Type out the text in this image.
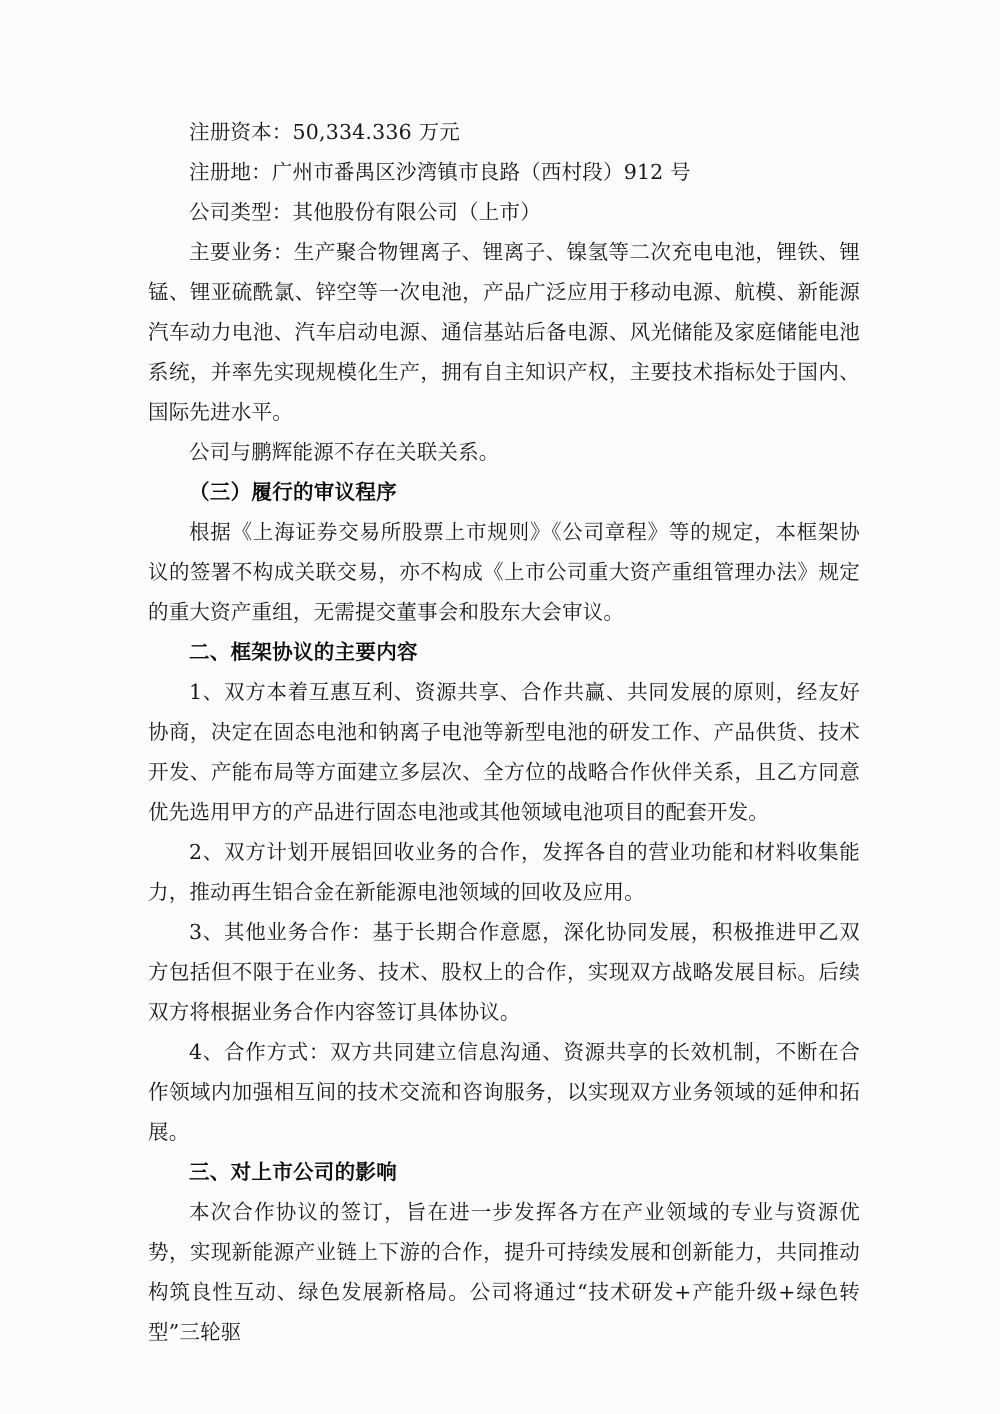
注册资本：50,334.336 万元

注册地：广州市番禺区沙湾镇市良路（西村段）912 号

公司类型：其他股份有限公司（上市）

主要业务：生产聚合物锂离子、锂离子、镍氢等二次充电电池，锂铁、锂锰、锂亚硫酰氯、锌空等一次电池，产品广泛应用于移动电源、航模、新能源汽车动力电池、汽车启动电源、通信基站后备电源、风光储能及家庭储能电池系统，并率先实现规模化生产，拥有自主知识产权，主要技术指标处于国内、国际先进水平。

公司与鹏辉能源不存在关联关系。

（三）履行的审议程序

根据《上海证券交易所股票上市规则》《公司章程》等的规定，本框架协议的签署不构成关联交易，亦不构成《上市公司重大资产重组管理办法》规定的重大资产重组，无需提交董事会和股东大会审议。

二、框架协议的主要内容

1、双方本着互惠互利、资源共享、合作共赢、共同发展的原则，经友好协商，决定在固态电池和钠离子电池等新型电池的研发工作、产品供货、技术开发、产能布局等方面建立多层次、全方位的战略合作伙伴关系，且乙方同意优先选用甲方的产品进行固态电池或其他领域电池项目的配套开发。

2、双方计划开展铝回收业务的合作，发挥各自的营业功能和材料收集能力，推动再生铝合金在新能源电池领域的回收及应用。

3、其他业务合作：基于长期合作意愿，深化协同发展，积极推进甲乙双方包括但不限于在业务、技术、股权上的合作，实现双方战略发展目标。后续双方将根据业务合作内容签订具体协议。

4、合作方式：双方共同建立信息沟通、资源共享的长效机制，不断在合作领域内加强相互间的技术交流和咨询服务，以实现双方业务领域的延伸和拓展。

三、对上市公司的影响

本次合作协议的签订，旨在进一步发挥各方在产业领域的专业与资源优势，实现新能源产业链上下游的合作，提升可持续发展和创新能力，共同推动构筑良性互动、绿色发展新格局。公司将通过“技术研发+产能升级+绿色转型”三轮驱
